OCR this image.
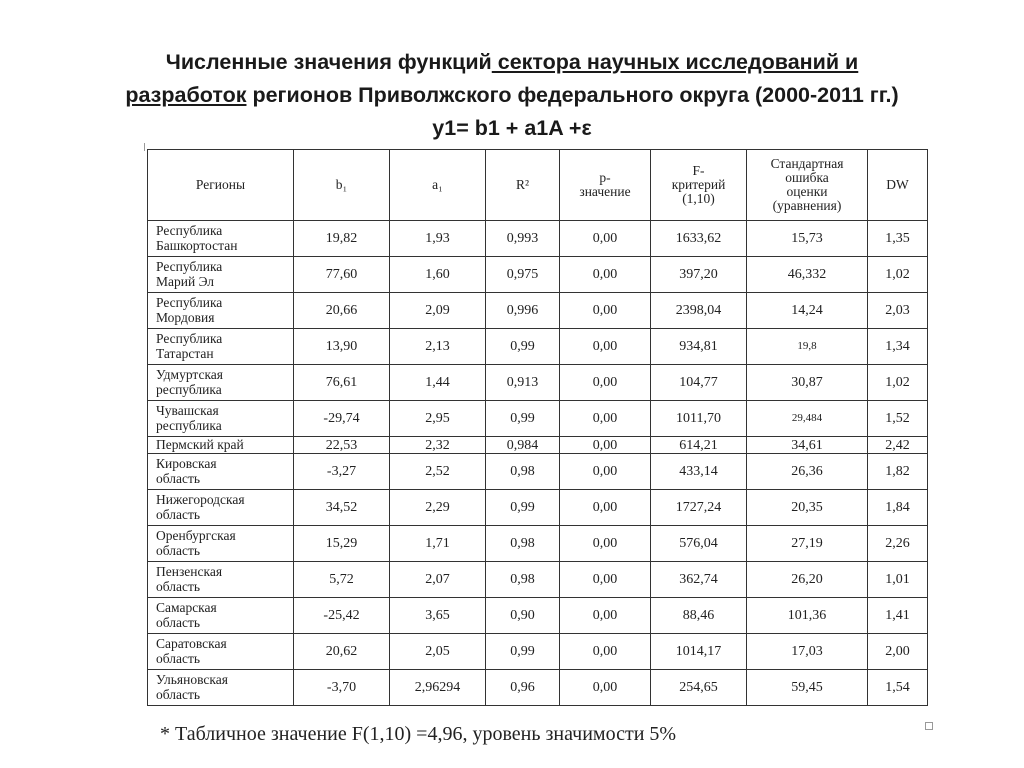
Численные значения функций сектора научных исследований и
разработок регионов Приволжского федерального округа (2000-2011 гг.)
y1= b1 + a1A +ε
Регионы	b₁	a₁	R²	p-
значение	F-
критерий
(1,10)	Стандартная
ошибка
оценки
(уравнения)	DW
Республика
Башкортостан	19,82	1,93	0,993	0,00	1633,62	15,73	1,35
Республика
Марий Эл	77,60	1,60	0,975	0,00	397,20	46,332	1,02
Республика
Мордовия	20,66	2,09	0,996	0,00	2398,04	14,24	2,03
Республика
Татарстан	13,90	2,13	0,99	0,00	934,81	19,8	1,34
Удмуртская
республика	76,61	1,44	0,913	0,00	104,77	30,87	1,02
Чувашская
республика	-29,74	2,95	0,99	0,00	1011,70	29,484	1,52
Пермский край	22,53	2,32	0,984	0,00	614,21	34,61	2,42
Кировская
область	-3,27	2,52	0,98	0,00	433,14	26,36	1,82
Нижегородская
область	34,52	2,29	0,99	0,00	1727,24	20,35	1,84
Оренбургская
область	15,29	1,71	0,98	0,00	576,04	27,19	2,26
Пензенская
область	5,72	2,07	0,98	0,00	362,74	26,20	1,01
Самарская
область	-25,42	3,65	0,90	0,00	88,46	101,36	1,41
Саратовская
область	20,62	2,05	0,99	0,00	1014,17	17,03	2,00
Ульяновская
область	-3,70	2,96294	0,96	0,00	254,65	59,45	1,54
* Табличное значение F(1,10) =4,96, уровень значимости 5%
